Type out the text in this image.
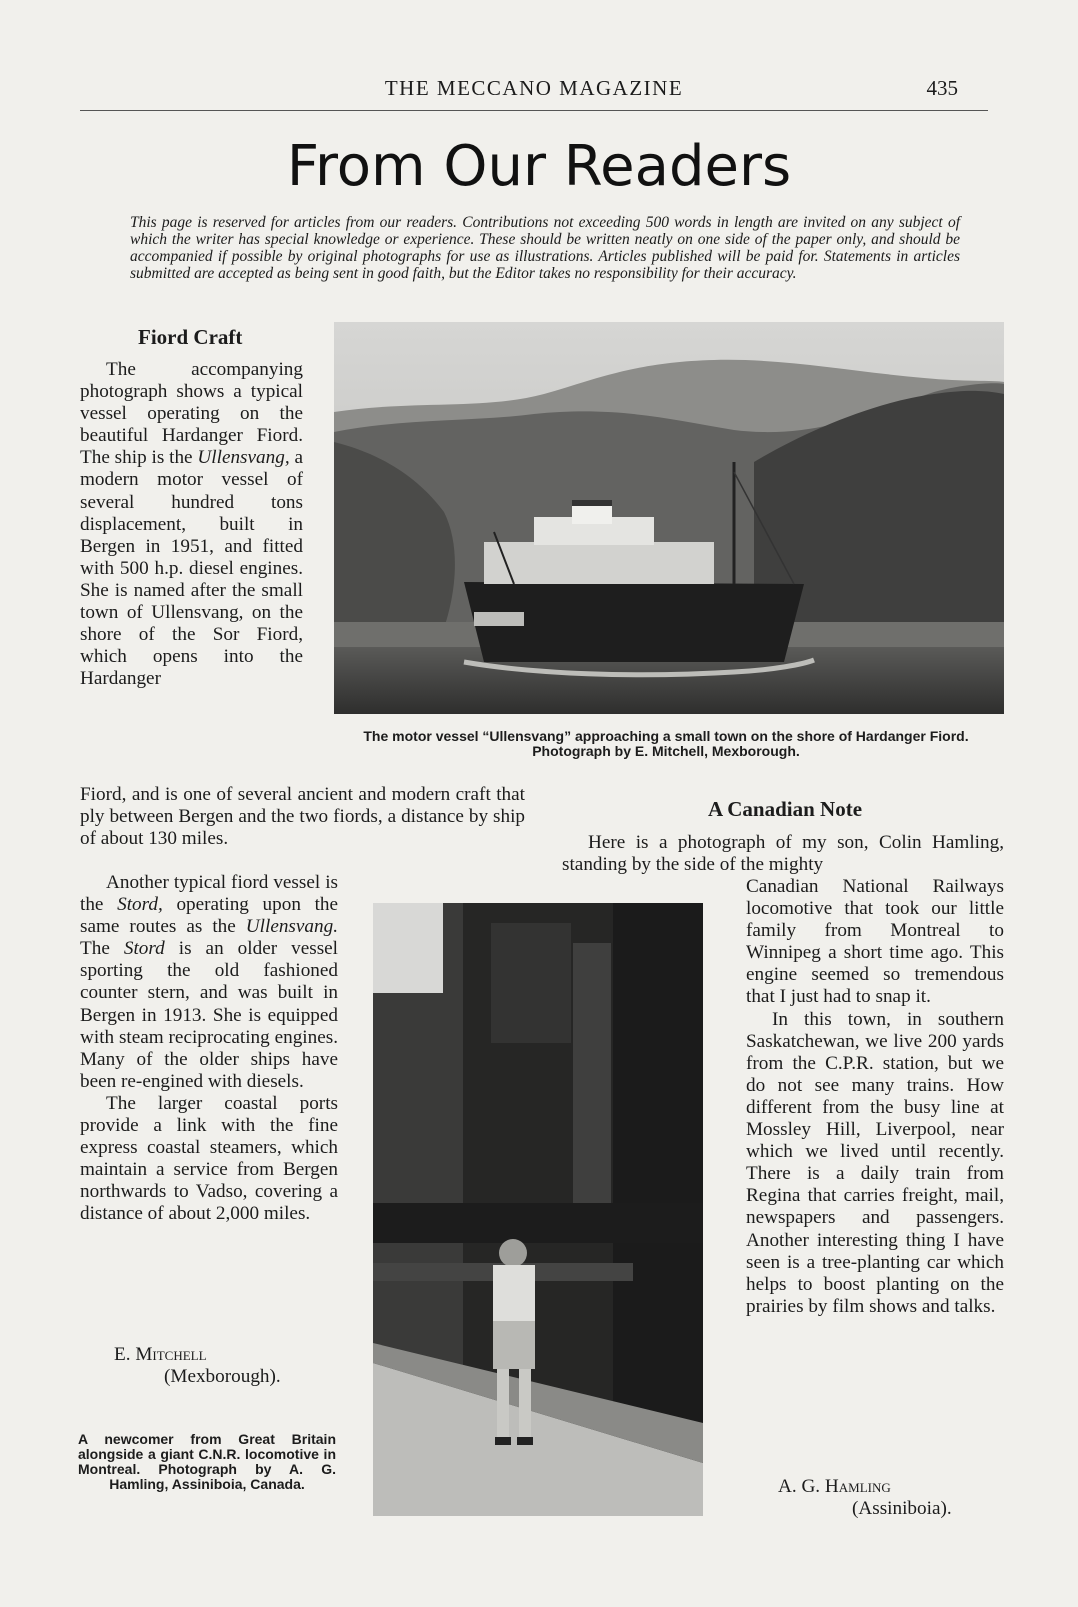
THE MECCANO MAGAZINE	435
From Our Readers
This page is reserved for articles from our readers. Contributions not exceeding 500 words in length are invited on any subject of which the writer has special knowledge or experience. These should be written neatly on one side of the paper only, and should be accompanied if possible by original photographs for use as illustrations. Articles published will be paid for. Statements in articles submitted are accepted as being sent in good faith, but the Editor takes no responsibility for their accuracy.
Fiord Craft

The accompanying photograph shows a typical vessel operating on the beautiful Hardanger Fiord. The ship is the Ullensvang, a modern motor vessel of several hundred tons displacement, built in Bergen in 1951, and fitted with 500 h.p. diesel engines. She is named after the small town of Ullensvang, on the shore of the Sor Fiord, which opens into the Hardanger

Fiord, and is one of several ancient and modern craft that ply between Bergen and the two fiords, a distance by ship of about 130 miles.

Another typical fiord vessel is the Stord, operating upon the same routes as the Ullensvang. The Stord is an older vessel sporting the old fashioned counter stern, and was built in Bergen in 1913. She is equipped with steam reciprocating engines. Many of the older ships have been re-engined with diesels.

The larger coastal ports provide a link with the fine express coastal steamers, which maintain a service from Bergen northwards to Vadso, covering a distance of about 2,000 miles.

E. Mitchell
(Mexborough).
The motor vessel “Ullensvang” approaching a small town on the shore of Hardanger Fiord. Photograph by E. Mitchell, Mexborough.
A Canadian Note

Here is a photograph of my son, Colin Hamling, standing by the side of the mighty

Canadian National Railways locomotive that took our little family from Montreal to Winnipeg a short time ago. This engine seemed so tremendous that I just had to snap it.

In this town, in southern Saskatchewan, we live 200 yards from the C.P.R. station, but we do not see many trains. How different from the busy line at Mossley Hill, Liverpool, near which we lived until recently. There is a daily train from Regina that carries freight, mail, newspapers and passengers. Another interesting thing I have seen is a tree-planting car which helps to boost planting on the prairies by film shows and talks.

A. G. Hamling
(Assiniboia).
A newcomer from Great Britain alongside a giant C.N.R. locomotive in Montreal. Photograph by A. G. Hamling, Assiniboia, Canada.
